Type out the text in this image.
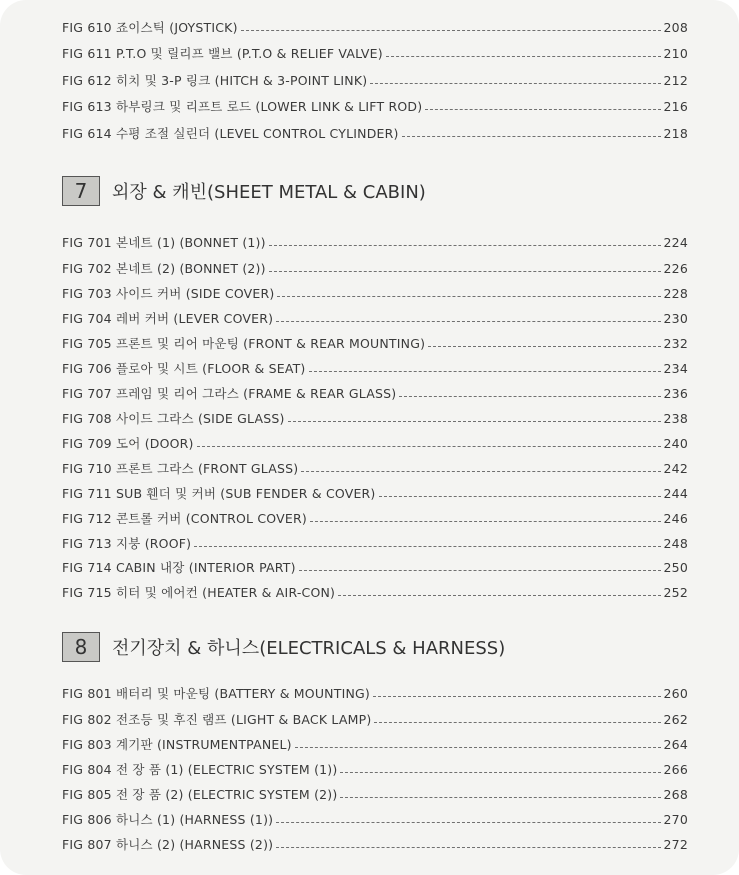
FIG 610 죠이스틱 (JOYSTICK)	208
FIG 611 P.T.O 및 릴리프 밸브 (P.T.O & RELIEF VALVE)	210
FIG 612 히치 및 3-P 링크 (HITCH & 3-POINT LINK)	212
FIG 613 하부링크 및 리프트 로드 (LOWER LINK & LIFT ROD)	216
FIG 614 수평 조절 실린더 (LEVEL CONTROL CYLINDER)	218
7	외장 & 캐빈(SHEET METAL & CABIN)
FIG 701 본네트 (1) (BONNET (1))	224
FIG 702 본네트 (2) (BONNET (2))	226
FIG 703 사이드 커버 (SIDE COVER)	228
FIG 704 레버 커버 (LEVER COVER)	230
FIG 705 프론트 및 리어 마운팅 (FRONT & REAR MOUNTING)	232
FIG 706 플로아 및 시트 (FLOOR & SEAT)	234
FIG 707 프레임 및 리어 그라스 (FRAME & REAR GLASS)	236
FIG 708 사이드 그라스 (SIDE GLASS)	238
FIG 709 도어 (DOOR)	240
FIG 710 프론트 그라스 (FRONT GLASS)	242
FIG 711 SUB 휀더 및 커버 (SUB FENDER & COVER)	244
FIG 712 콘트롤 커버 (CONTROL COVER)	246
FIG 713 지붕 (ROOF)	248
FIG 714 CABIN 내장 (INTERIOR PART)	250
FIG 715 히터 및 에어컨 (HEATER & AIR-CON)	252
8	전기장치 & 하니스(ELECTRICALS & HARNESS)
FIG 801 배터리 및 마운팅 (BATTERY & MOUNTING)	260
FIG 802 전조등 및 후진 램프 (LIGHT & BACK LAMP)	262
FIG 803 계기판 (INSTRUMENTPANEL)	264
FIG 804 전 장 품 (1) (ELECTRIC SYSTEM (1))	266
FIG 805 전 장 품 (2) (ELECTRIC SYSTEM (2))	268
FIG 806 하니스 (1) (HARNESS (1))	270
FIG 807 하니스 (2) (HARNESS (2))	272
